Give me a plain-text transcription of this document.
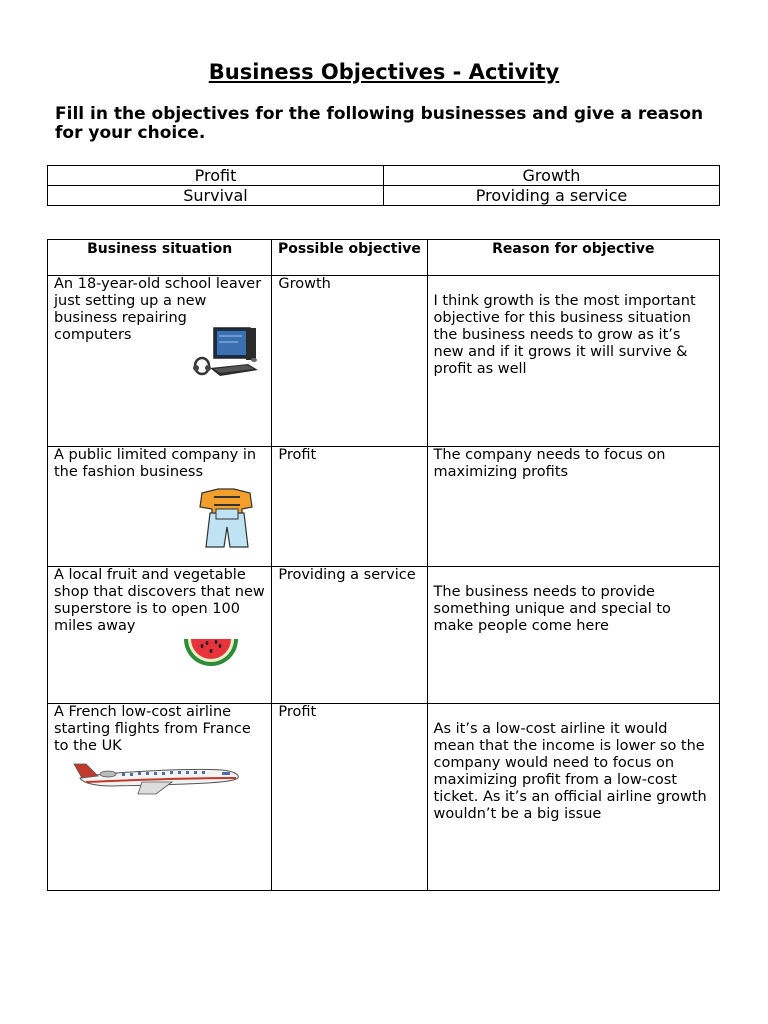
Business Objectives - Activity
Fill in the objectives for the following businesses and give a reason for your choice.
Profit	Growth
Survival	Providing a service
Business situation	Possible objective	Reason for objective
An 18-year-old school leaver just setting up a new business repairing computers	Growth	I think growth is the most important objective for this business situation the business needs to grow as it’s new and if it grows it will survive & profit as well

A public limited company in the fashion business	Profit	The company needs to focus on maximizing profits

A local fruit and vegetable shop that discovers that new superstore is to open 100 miles away	Providing a service	The business needs to provide something unique and special to make people come here

A French low-cost airline starting flights from France to the UK	Profit	As it’s a low-cost airline it would mean that the income is lower so the company would need to focus on maximizing profit from a low-cost ticket. As it’s an official airline growth wouldn’t be a big issue
